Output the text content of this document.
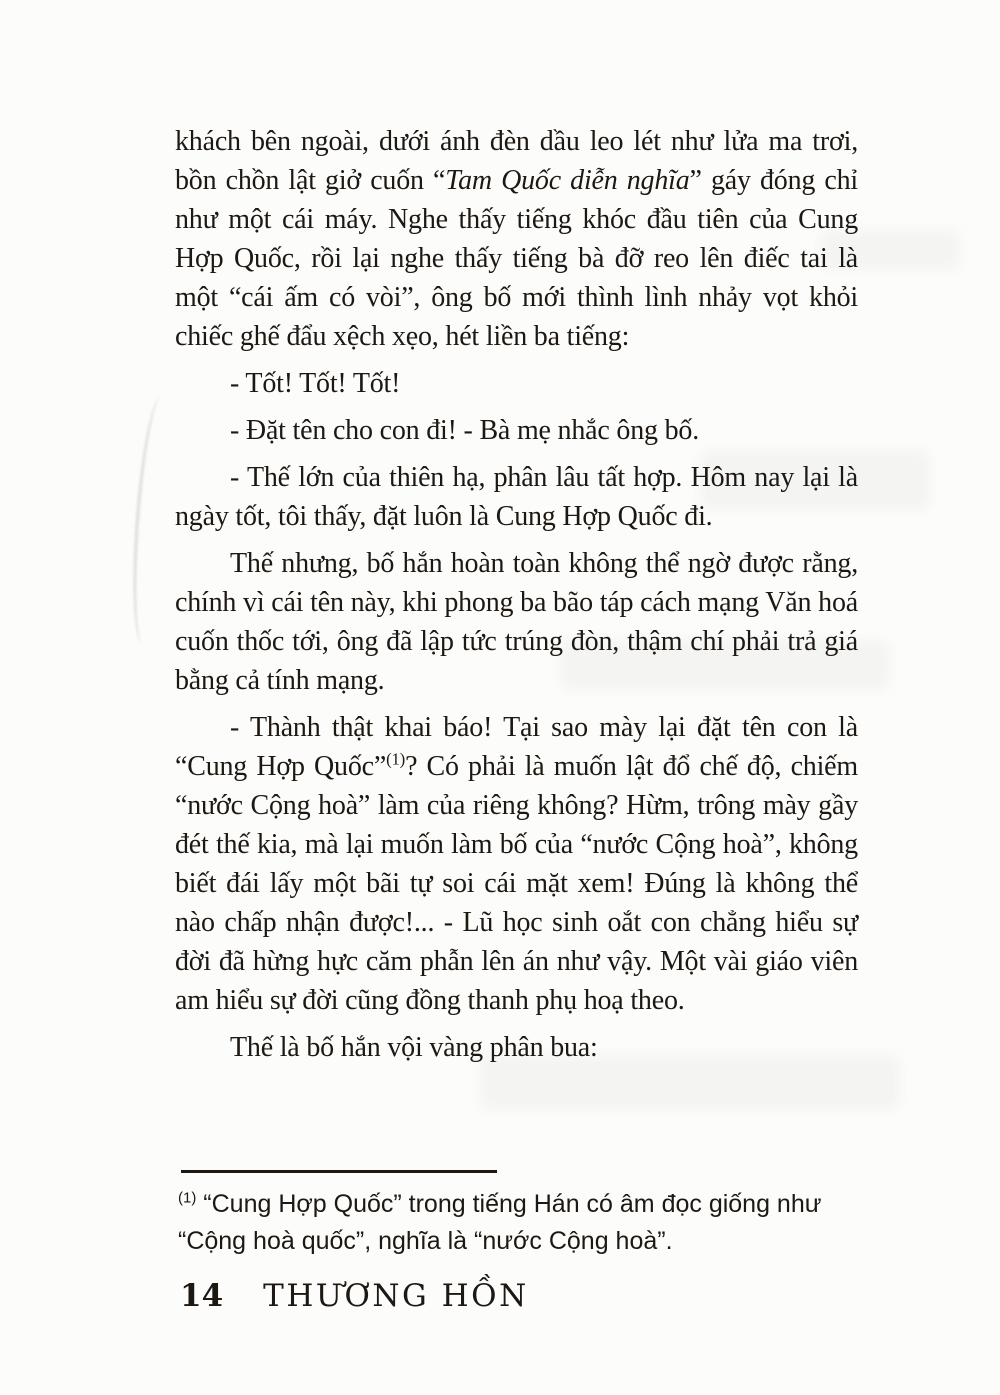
khách bên ngoài, dưới ánh đèn dầu leo lét như lửa ma trơi, bồn chồn lật giở cuốn “Tam Quốc diễn nghĩa” gáy đóng chỉ như một cái máy. Nghe thấy tiếng khóc đầu tiên của Cung Hợp Quốc, rồi lại nghe thấy tiếng bà đỡ reo lên điếc tai là một “cái ấm có vòi”, ông bố mới thình lình nhảy vọt khỏi chiếc ghế đẩu xệch xẹo, hét liền ba tiếng:

- Tốt! Tốt! Tốt!

- Đặt tên cho con đi! - Bà mẹ nhắc ông bố.

- Thế lớn của thiên hạ, phân lâu tất hợp. Hôm nay lại là ngày tốt, tôi thấy, đặt luôn là Cung Hợp Quốc đi.

Thế nhưng, bố hắn hoàn toàn không thể ngờ được rằng, chính vì cái tên này, khi phong ba bão táp cách mạng Văn hoá cuốn thốc tới, ông đã lập tức trúng đòn, thậm chí phải trả giá bằng cả tính mạng.

- Thành thật khai báo! Tại sao mày lại đặt tên con là “Cung Hợp Quốc”$^{(1)}$? Có phải là muốn lật đổ chế độ, chiếm “nước Cộng hoà” làm của riêng không? Hừm, trông mày gầy đét thế kia, mà lại muốn làm bố của “nước Cộng hoà”, không biết đái lấy một bãi tự soi cái mặt xem! Đúng là không thể nào chấp nhận được!... - Lũ học sinh oắt con chẳng hiểu sự đời đã hừng hực căm phẫn lên án như vậy. Một vài giáo viên am hiểu sự đời cũng đồng thanh phụ hoạ theo.

Thế là bố hắn vội vàng phân bua:

$^{(1)}$ “Cung Hợp Quốc” trong tiếng Hán có âm đọc giống như “Cộng hoà quốc”, nghĩa là “nước Cộng hoà”.
14 THƯƠNG HỒN
